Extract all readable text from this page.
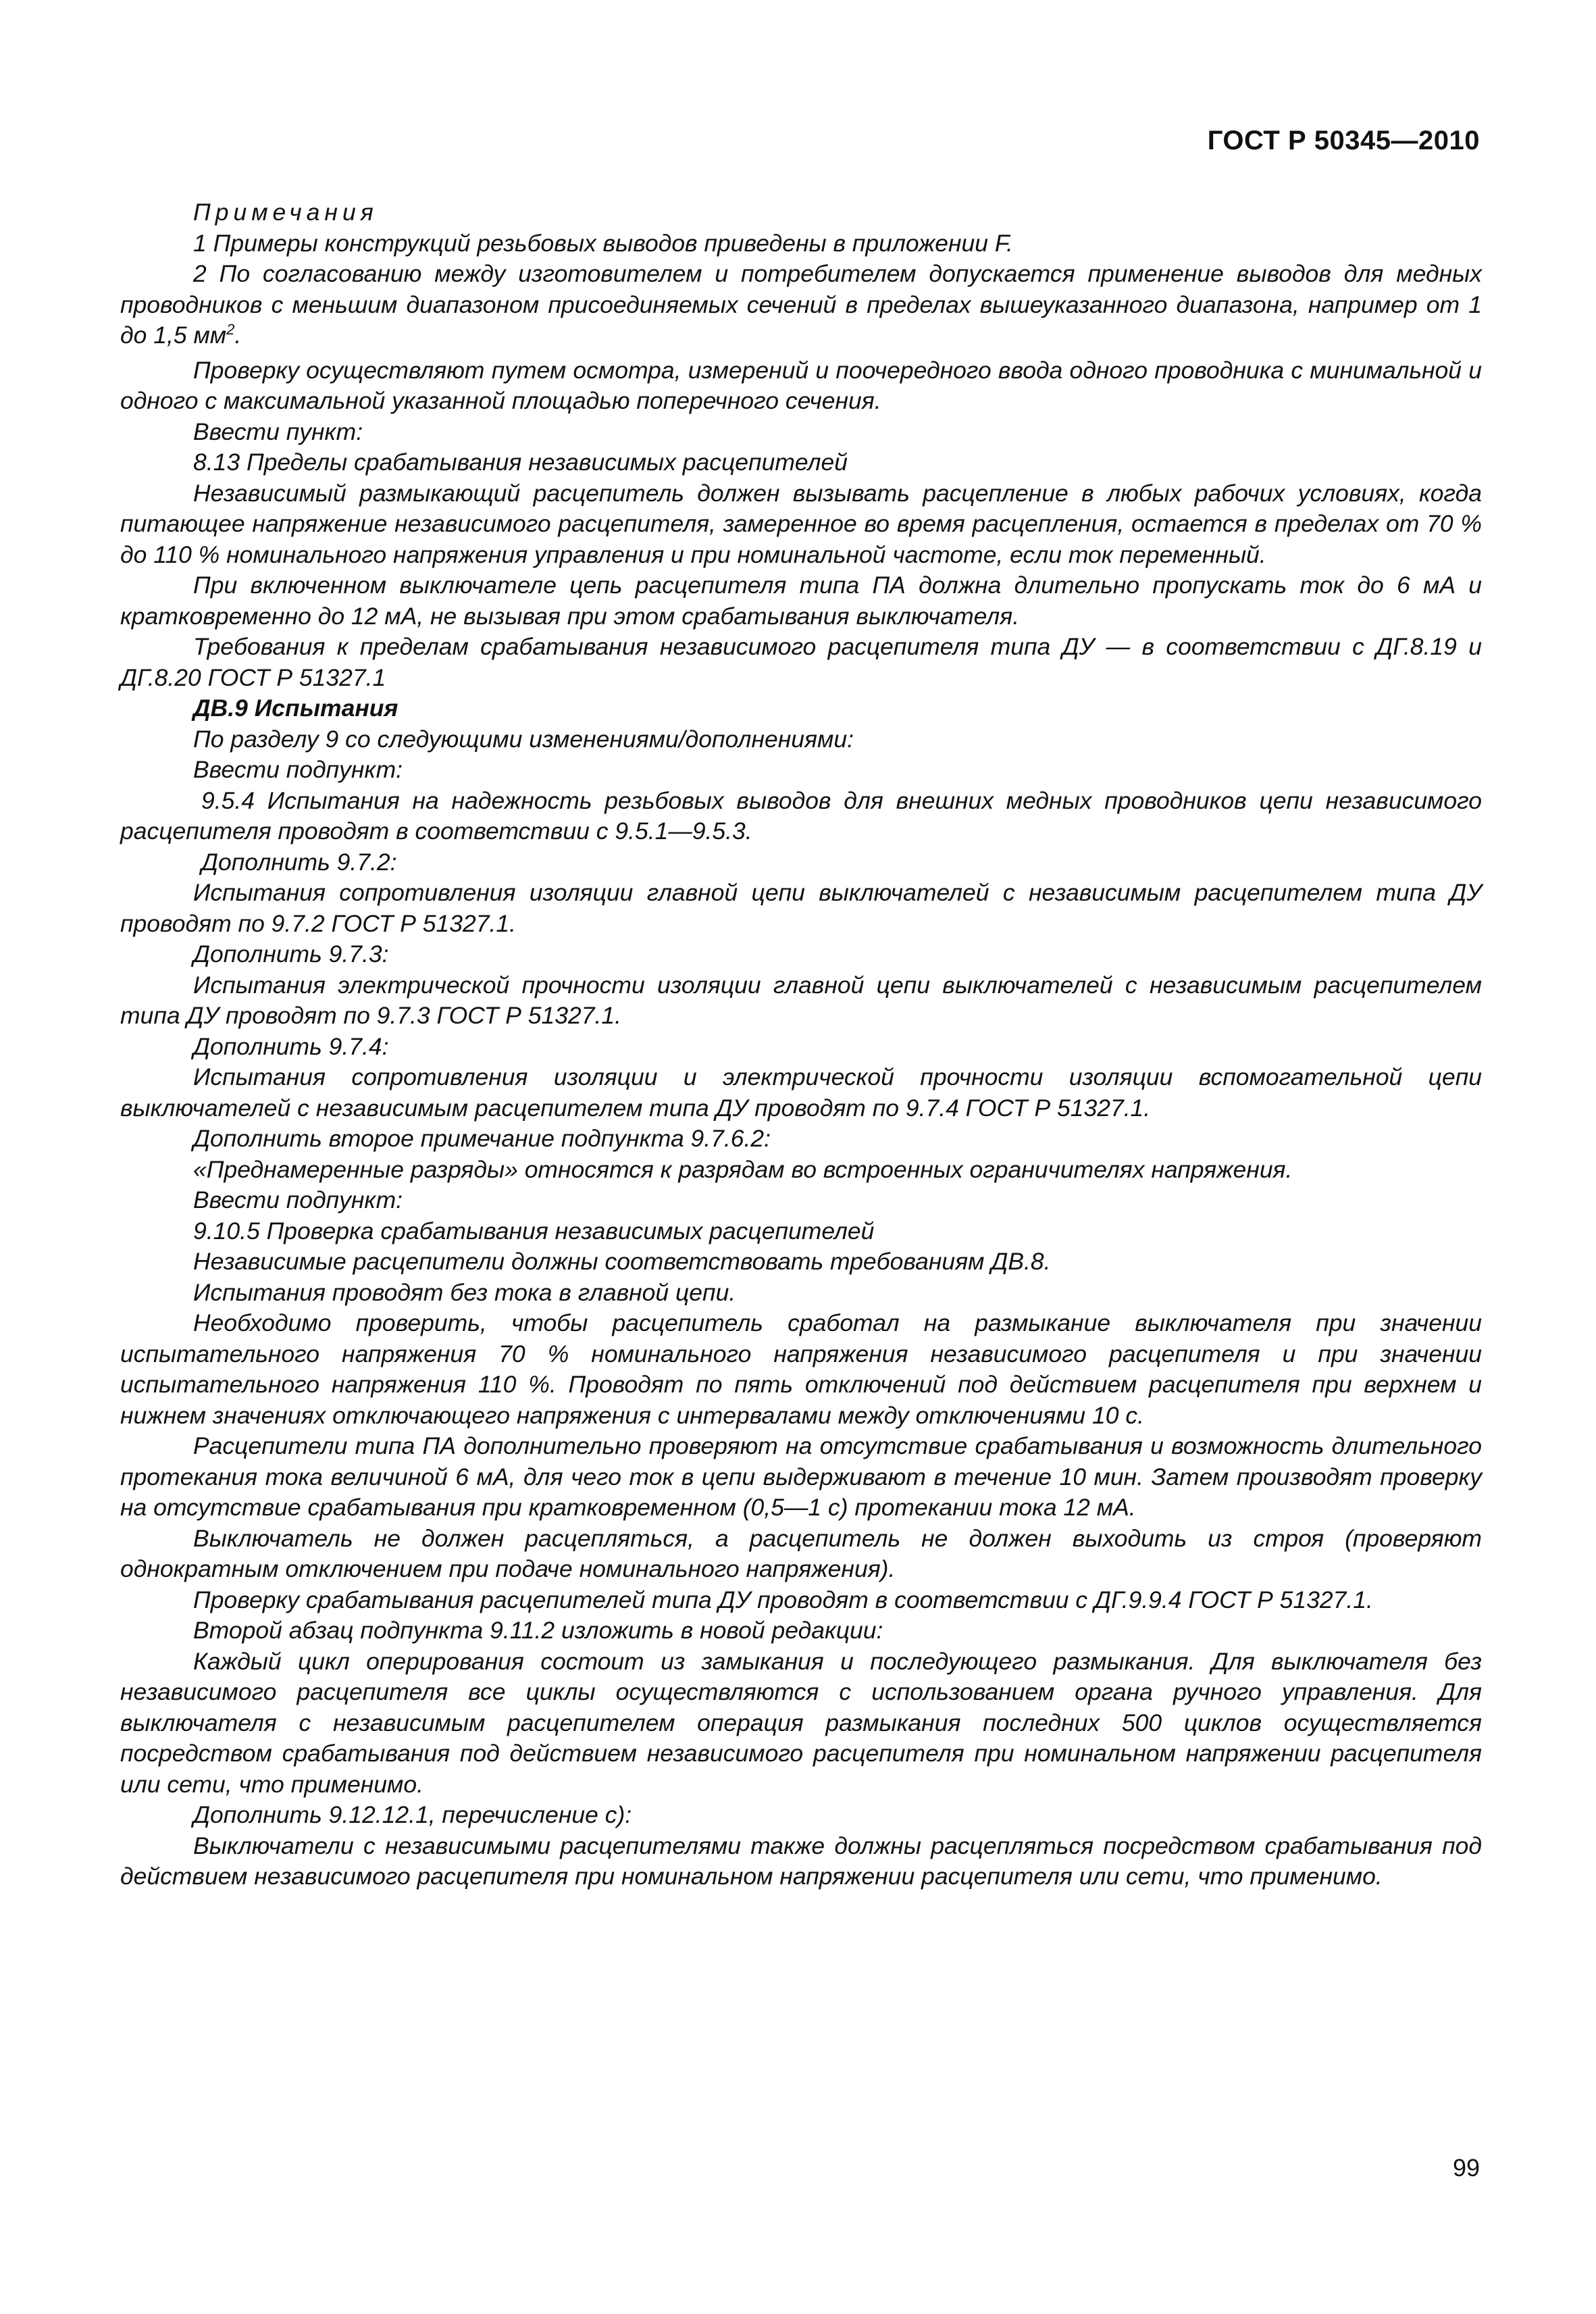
ГОСТ Р 50345—2010

Примечания

1 Примеры конструкций резьбовых выводов приведены в приложении F.

2 По согласованию между изготовителем и потребителем допускается применение выводов для медных проводников с меньшим диапазоном присоединяемых сечений в пределах вышеуказанного диапазона, например от 1 до 1,5 $мм^2$.

Проверку осуществляют путем осмотра, измерений и поочередного ввода одного проводника с минимальной и одного с максимальной указанной площадью поперечного сечения.

Ввести пункт:

8.13 Пределы срабатывания независимых расцепителей

Независимый размыкающий расцепитель должен вызывать расцепление в любых рабочих условиях, когда питающее напряжение независимого расцепителя, замеренное во время расцепления, остается в пределах от 70 % до 110 % номинального напряжения управления и при номинальной частоте, если ток переменный.

При включенном выключателе цепь расцепителя типа ПА должна длительно пропускать ток до 6 мА и кратковременно до 12 мА, не вызывая при этом срабатывания выключателя.

Требования к пределам срабатывания независимого расцепителя типа ДУ — в соответствии с ДГ.8.19 и ДГ.8.20 ГОСТ Р 51327.1

ДВ.9 Испытания

По разделу 9 со следующими изменениями/дополнениями:

Ввести подпункт:

9.5.4 Испытания на надежность резьбовых выводов для внешних медных проводников цепи независимого расцепителя проводят в соответствии с 9.5.1—9.5.3.

Дополнить 9.7.2:

Испытания сопротивления изоляции главной цепи выключателей с независимым расцепителем типа ДУ проводят по 9.7.2 ГОСТ Р 51327.1.

Дополнить 9.7.3:

Испытания электрической прочности изоляции главной цепи выключателей с независимым расцепителем типа ДУ проводят по 9.7.3 ГОСТ Р 51327.1.

Дополнить 9.7.4:

Испытания сопротивления изоляции и электрической прочности изоляции вспомогательной цепи выключателей с независимым расцепителем типа ДУ проводят по 9.7.4 ГОСТ Р 51327.1.

Дополнить второе примечание подпункта 9.7.6.2:

«Преднамеренные разряды» относятся к разрядам во встроенных ограничителях напряжения.

Ввести подпункт:

9.10.5 Проверка срабатывания независимых расцепителей

Независимые расцепители должны соответствовать требованиям ДВ.8.

Испытания проводят без тока в главной цепи.

Необходимо проверить, чтобы расцепитель сработал на размыкание выключателя при значении испытательного напряжения 70 % номинального напряжения независимого расцепителя и при значении испытательного напряжения 110 %. Проводят по пять отключений под действием расцепителя при верхнем и нижнем значениях отключающего напряжения с интервалами между отключениями 10 с.

Расцепители типа ПА дополнительно проверяют на отсутствие срабатывания и возможность длительного протекания тока величиной 6 мА, для чего ток в цепи выдерживают в течение 10 мин. Затем производят проверку на отсутствие срабатывания при кратковременном (0,5—1 с) протекании тока 12 мА.

Выключатель не должен расцепляться, а расцепитель не должен выходить из строя (проверяют однократным отключением при подаче номинального напряжения).

Проверку срабатывания расцепителей типа ДУ проводят в соответствии с ДГ.9.9.4 ГОСТ Р 51327.1.

Второй абзац подпункта 9.11.2 изложить в новой редакции:

Каждый цикл оперирования состоит из замыкания и последующего размыкания. Для выключателя без независимого расцепителя все циклы осуществляются с использованием органа ручного управления. Для выключателя с независимым расцепителем операция размыкания последних 500 циклов осуществляется посредством срабатывания под действием независимого расцепителя при номинальном напряжении расцепителя или сети, что применимо.

Дополнить 9.12.12.1, перечисление с):

Выключатели с независимыми расцепителями также должны расцепляться посредством срабатывания под действием независимого расцепителя при номинальном напряжении расцепителя или сети, что применимо.

99
